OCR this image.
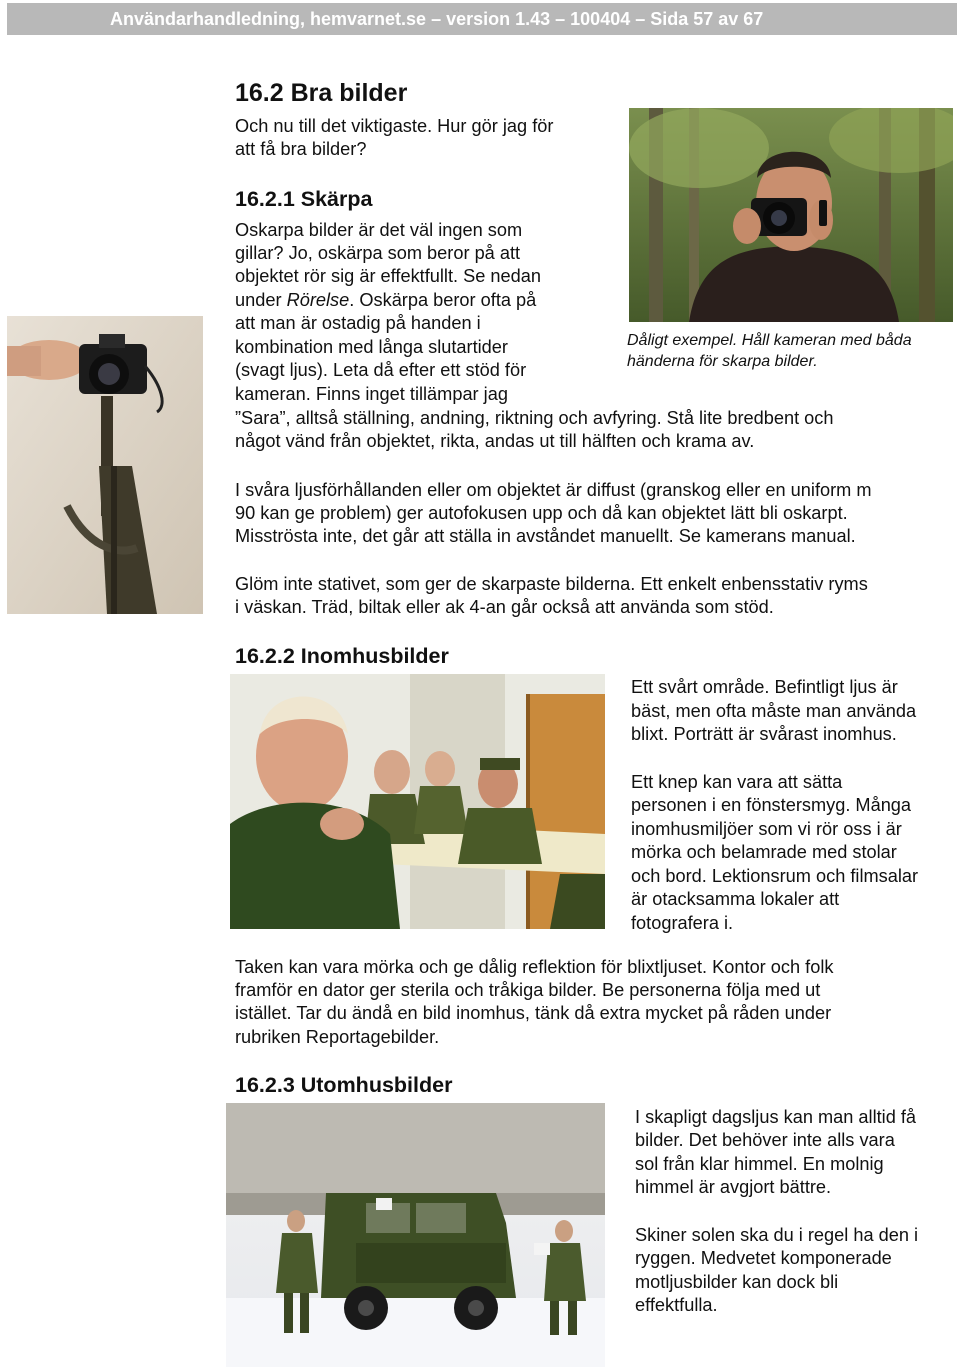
Användarhandledning, hemvarnet.se – version 1.43 – 100404 – Sida 57 av 67
16.2 Bra bilder

Och nu till det viktigaste. Hur gör jag för

att få bra bilder?

16.2.1 Skärpa

Oskarpa bilder är det väl ingen som

gillar? Jo, oskärpa som beror på att

objektet rör sig är effektfullt. Se nedan

under Rörelse. Oskärpa beror ofta på

att man är ostadig på handen i

kombination med långa slutartider

(svagt ljus). Leta då efter ett stöd för

kameran. Finns inget tillämpar jag

”Sara”, alltså ställning, andning, riktning och avfyring. Stå lite bredbent och

något vänd från objektet, rikta, andas ut till hälften och krama av.

Dåligt exempel. Håll kameran med båda

händerna för skarpa bilder.

I svåra ljusförhållanden eller om objektet är diffust (granskog eller en uniform m

90 kan ge problem) ger autofokusen upp och då kan objektet lätt bli oskarpt.

Misströsta inte, det går att ställa in avståndet manuellt. Se kamerans manual.

Glöm inte stativet, som ger de skarpaste bilderna. Ett enkelt enbensstativ ryms

i väskan. Träd, biltak eller ak 4-an går också att använda som stöd.

16.2.2 Inomhusbilder

Ett svårt område. Befintligt ljus är

bäst, men ofta måste man använda

blixt. Porträtt är svårast inomhus.

Ett knep kan vara att sätta

personen i en fönstersmyg. Många

inomhusmiljöer som vi rör oss i är

mörka och belamrade med stolar

och bord. Lektionsrum och filmsalar

är otacksamma lokaler att

fotografera i.

Taken kan vara mörka och ge dålig reflektion för blixtljuset. Kontor och folk

framför en dator ger sterila och tråkiga bilder. Be personerna följa med ut

istället. Tar du ändå en bild inomhus, tänk då extra mycket på råden under

rubriken Reportagebilder.

16.2.3 Utomhusbilder

I skapligt dagsljus kan man alltid få

bilder. Det behöver inte alls vara

sol från klar himmel. En molnig

himmel är avgjort bättre.

Skiner solen ska du i regel ha den i

ryggen. Medvetet komponerade

motljusbilder kan dock bli

effektfulla.
